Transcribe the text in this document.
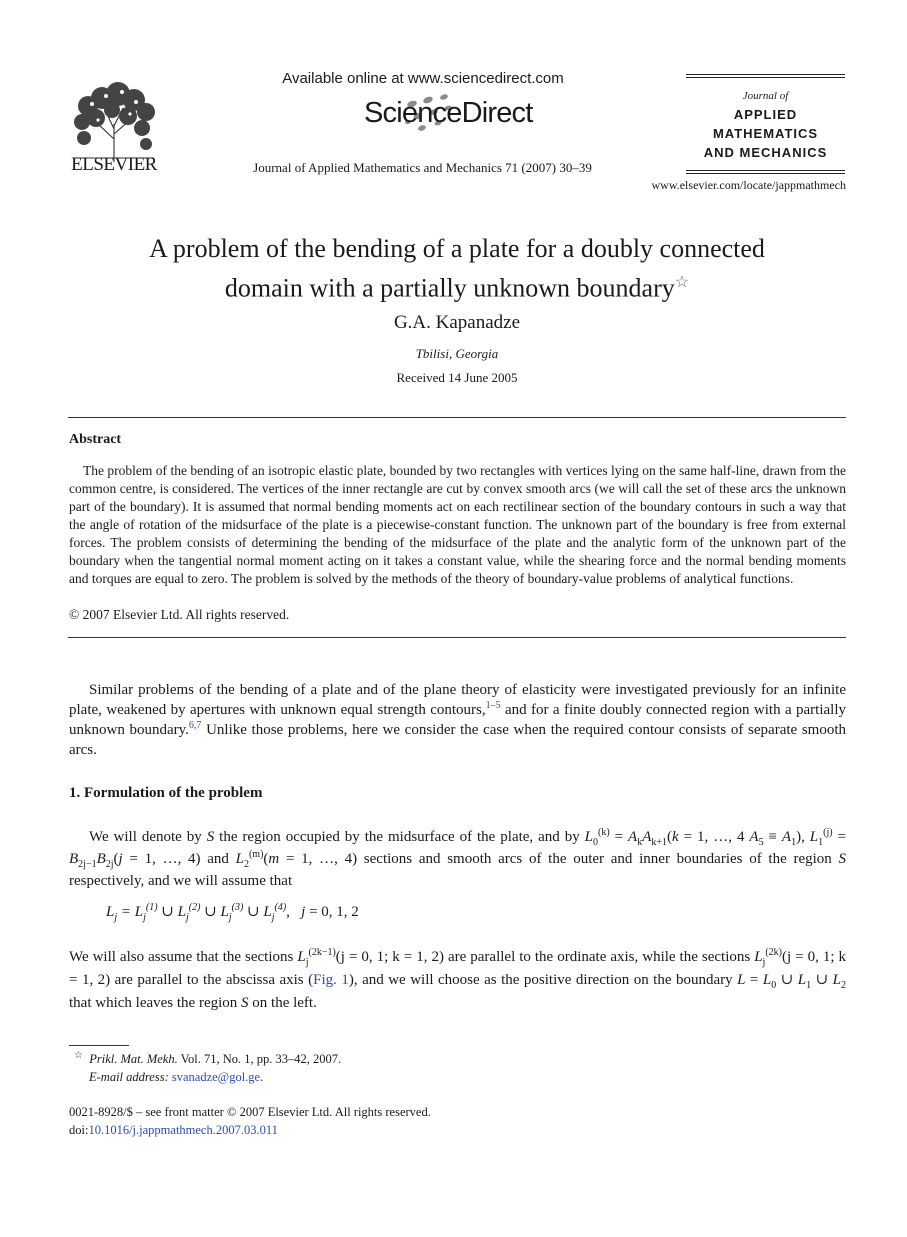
ELSEVIER
Available online at www.sciencedirect.com
ScienceDirect
Journal of Applied Mathematics and Mechanics 71 (2007) 30–39
Journal of
APPLIED
MATHEMATICS
AND MECHANICS
www.elsevier.com/locate/jappmathmech
A problem of the bending of a plate for a doubly connected
domain with a partially unknown boundary☆
G.A. Kapanadze
Tbilisi, Georgia
Received 14 June 2005
Abstract
The problem of the bending of an isotropic elastic plate, bounded by two rectangles with vertices lying on the same half-line, drawn from the common centre, is considered. The vertices of the inner rectangle are cut by convex smooth arcs (we will call the set of these arcs the unknown part of the boundary). It is assumed that normal bending moments act on each rectilinear section of the boundary contours in such a way that the angle of rotation of the midsurface of the plate is a piecewise-constant function. The unknown part of the boundary is free from external forces. The problem consists of determining the bending of the midsurface of the plate and the analytic form of the unknown part of the boundary when the tangential normal moment acting on it takes a constant value, while the shearing force and the normal bending moments and torques are equal to zero. The problem is solved by the methods of the theory of boundary-value problems of analytical functions.
© 2007 Elsevier Ltd. All rights reserved.
Similar problems of the bending of a plate and of the plane theory of elasticity were investigated previously for an infinite plate, weakened by apertures with unknown equal strength contours,$^{1-5}$ and for a finite doubly connected region with a partially unknown boundary.$^{6,7}$ Unlike those problems, here we consider the case when the required contour consists of separate smooth arcs.
1. Formulation of the problem
We will denote by S the region occupied by the midsurface of the plate, and by $L_0^{(k)} = A_kA_{k+1}(k = 1$, …, 4 $A_5 \equiv A_1$), $L_1^{(j)} = B_{2j-1}B_{2j}(j = 1$, …, 4) and $L_2^{(m)}(m = 1$, …, 4) sections and smooth arcs of the outer and inner boundaries of the region S respectively, and we will assume that
$L_j = L_j^{(1)}$ ∪ $L_j^{(2)}$ ∪ $L_j^{(3)}$ ∪ $L_j^{(4)}$,   j = 0, 1, 2
We will also assume that the sections $L_j^{(2k-1)}(j = 0$, 1; k = 1, 2) are parallel to the ordinate axis, while the sections $L_j^{(2k)}(j = 0$, 1; k = 1, 2) are parallel to the abscissa axis (Fig. 1), and we will choose as the positive direction on the boundary $L = L_0$ ∪ $L_1$ ∪ $L_2$ that which leaves the region S on the left.
☆ Prikl. Mat. Mekh. Vol. 71, No. 1, pp. 33–42, 2007.
E-mail address: svanadze@gol.ge.
0021-8928/$ – see front matter © 2007 Elsevier Ltd. All rights reserved.
doi:10.1016/j.jappmathmech.2007.03.011
